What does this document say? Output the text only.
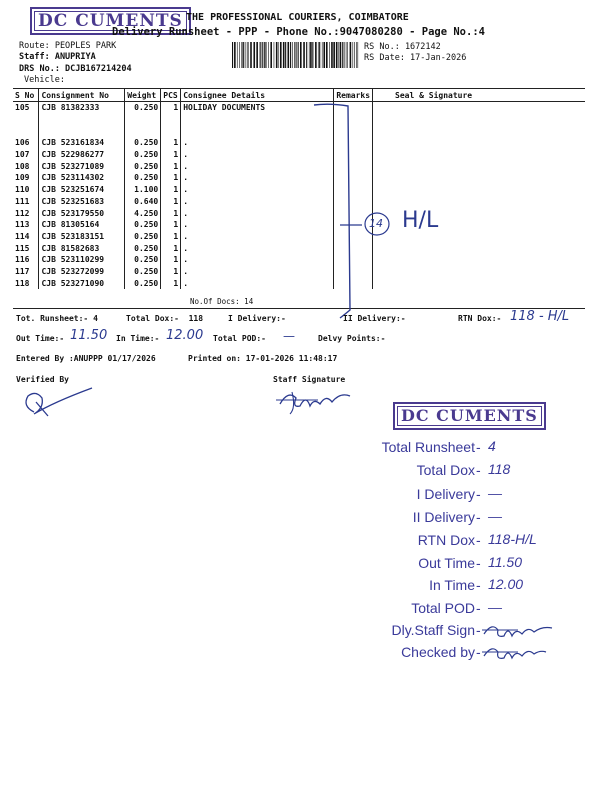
DC CUMENTS THE PROFESSIONAL COURIERS, COIMBATORE
Delivery Runsheet - PPP - Phone No.:9047080280 - Page No.:4
Route: PEOPLES PARK
Staff: ANUPRIYA
DRS No.: DCJB167214204
Vehicle:
RS No.: 1672142
RS Date: 17-Jan-2026
S No	Consignment No	Weight	PCS	Consignee Details	Remarks	Seal & Signature
105	CJB 81382333	0.250	1	HOLIDAY DOCUMENTS		

106	CJB 523161834	0.250	1	.		
107	CJB 522986277	0.250	1	.		
108	CJB 523271089	0.250	1	.		
109	CJB 523114302	0.250	1	.		
110	CJB 523251674	1.100	1	.		
111	CJB 523251683	0.640	1	.		
112	CJB 523179550	4.250	1	.		
113	CJB 81305164	0.250	1	.		
114	CJB 523183151	0.250	1	.		
115	CJB 81582683	0.250	1	.		
116	CJB 523110299	0.250	1	.		
117	CJB 523272099	0.250	1	.		
118	CJB 523271090	0.250	1	.		
No.Of Docs: 14
14 H/L
Tot. Runsheet:- 4	Total Dox:-  118	I Delivery:-	II Delivery:-	RTN Dox:- 118 - H/L
Out Time:- 11.50 In Time:- 12.00 Total POD:- —	Delvy Points:-
Entered By :ANUPPP 01/17/2026	Printed on: 17-01-2026 11:48:17
Verified By	Staff Signature
DC CUMENTS
Total Runsheet - 4
Total Dox - 118
I Delivery - —
II Delivery - —
RTN Dox - 118-H/L
Out Time - 11.50
In Time - 12.00
Total POD - —
Dly.Staff Sign -
Checked by -
